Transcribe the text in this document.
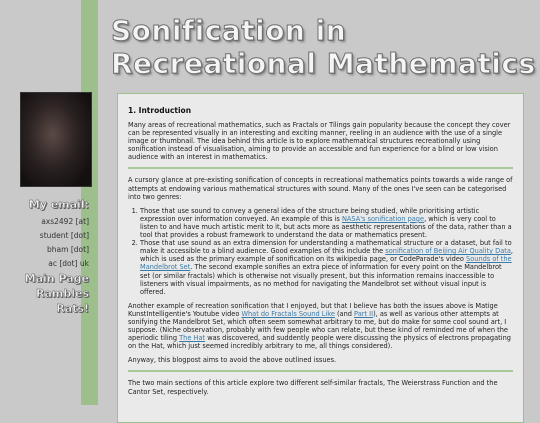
Sonification in Recreational Mathematics
My email:
axs2492 [at]
student [dot]
bham [dot]
ac [dot] uk
Main Page
Rambles
Rats!
1. Introduction

Many areas of recreational mathematics, such as Fractals or Tilings gain popularity because the concept they cover can be represented visually in an interesting and exciting manner, reeling in an audience with the use of a single image or thumbnail. The idea behind this article is to explore mathematical structures recreationally using sonification instead of visualisation, aiming to provide an accessible and fun experience for a blind or low vision audience with an interest in mathematics.

A cursory glance at pre-existing sonification of concepts in recreational mathematics points towards a wide range of attempts at endowing various mathematical structures with sound. Many of the ones I've seen can be categorised into two genres:

1. Those that use sound to convey a general idea of the structure being studied, while prioritising artistic expression over information conveyed. An example of this is NASA's sonification page, which is very cool to listen to and have much artistic merit to it, but acts more as aesthetic representations of the data, rather than a tool that provides a robust framework to understand the data or mathematics present.
2. Those that use sound as an extra dimension for understanding a mathematical structure or a dataset, but fail to make it accessible to a blind audience. Good examples of this include the sonification of Beijing Air Quality Data, which is used as the primary example of sonification on its wikipedia page, or CodeParade's video Sounds of the Mandelbrot Set. The second example sonifies an extra piece of information for every point on the Mandelbrot set (or similar fractals) which is otherwise not visually present, but this information remains inaccessible to listeners with visual impairments, as no method for navigating the Mandelbrot set without visual input is offered.

Another example of recreation sonification that I enjoyed, but that I believe has both the issues above is Matige KunstIntelligentie's Youtube video What do Fractals Sound Like (and Part II), as well as various other attempts at sonifying the Mandelbrot Set, which often seem somewhat arbitrary to me, but do make for some cool sound art, I suppose. (Niche observation, probably with few people who can relate, but these kind of reminded me of when the aperiodic tiling The Hat was discovered, and suddently people were discussing the physics of electrons propagating on the Hat, which just seemed incredibly arbitrary to me, all things considered).

Anyway, this blogpost aims to avoid the above outlined issues.

The two main sections of this article explore two different self-similar fractals, The Weierstrass Function and the Cantor Set, respectively.
